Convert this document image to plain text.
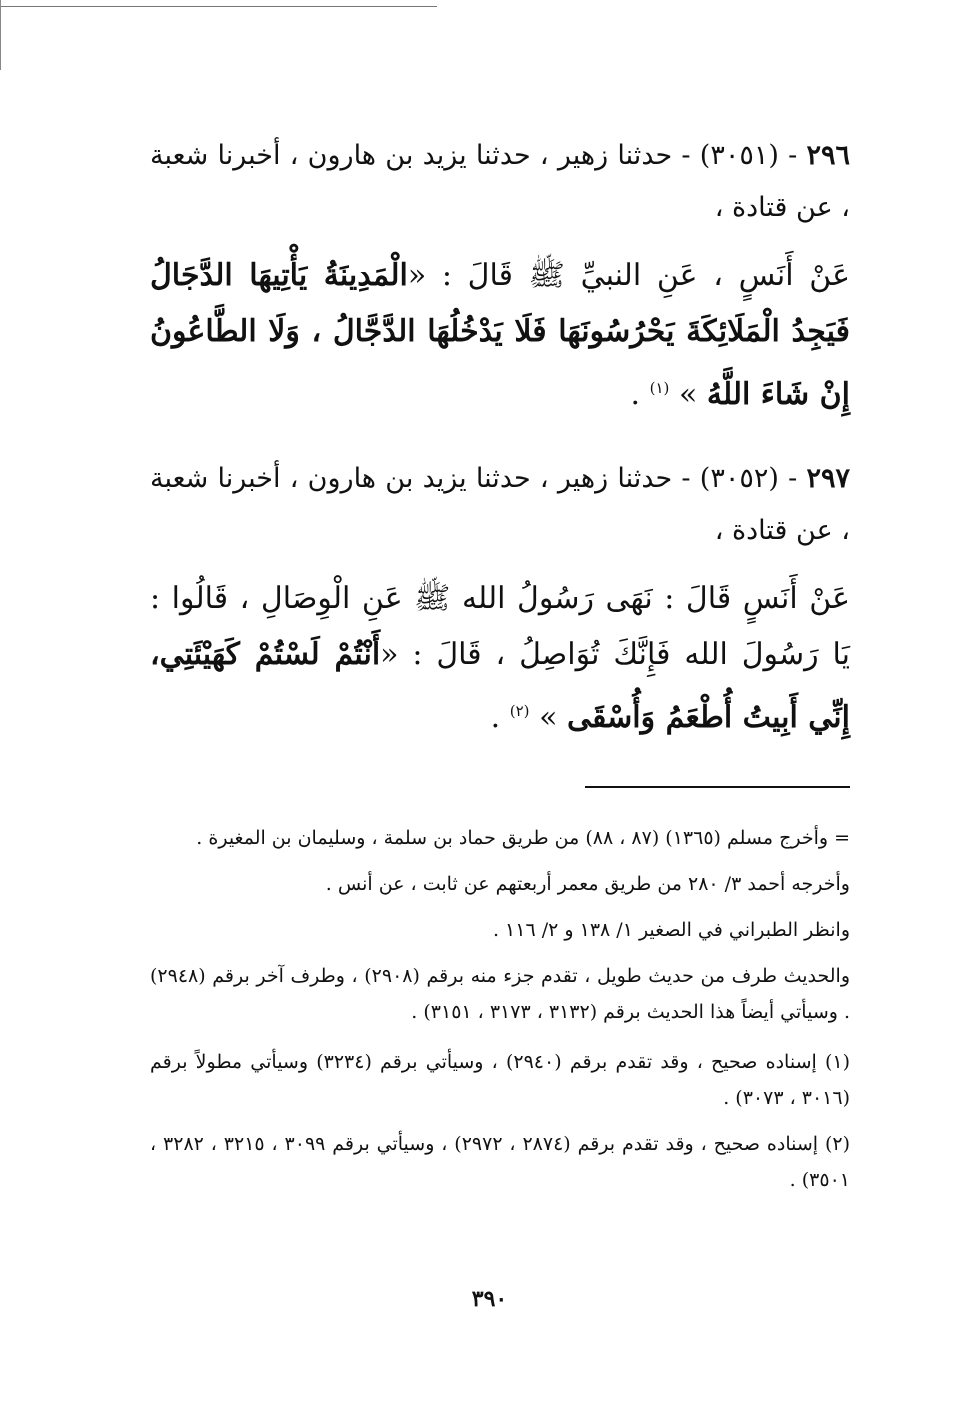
٢٩٦ - (٣٠٥١) - حدثنا زهير ، حدثنا يزيد بن هارون ، أخبرنا شعبة ، عن قتادة ،

عَنْ أَنَسٍ ، عَنِ النبيِّ ﷺ قَالَ : «الْمَدِينَةُ يَأْتِيهَا الدَّجَالُ فَيَجِدُ الْمَلَائِكَةَ يَحْرُسُونَهَا فَلَا يَدْخُلُهَا الدَّجَّالُ ، وَلَا الطَّاعُونُ إِنْ شَاءَ اللَّهُ » $^{(١)}$ .

٢٩٧ - (٣٠٥٢) - حدثنا زهير ، حدثنا يزيد بن هارون ، أخبرنا شعبة ، عن قتادة ،

عَنْ أَنَسٍ قَالَ : نَهَى رَسُولُ الله ﷺ عَنِ الْوِصَالِ ، قَالُوا : يَا رَسُولَ الله فَإِنَّكَ تُوَاصِلُ ، قَالَ : «أَنْتُمْ لَسْتُمْ كَهَيْئَتِي، إِنِّي أَبِيتُ أُطْعَمُ وَأُسْقَى » $^{(٢)}$ .

= وأخرج مسلم (١٣٦٥) (٨٧ ، ٨٨) من طريق حماد بن سلمة ، وسليمان بن المغيرة .

وأخرجه أحمد ٣/ ٢٨٠ من طريق معمر أربعتهم عن ثابت ، عن أنس .

وانظر الطبراني في الصغير ١/ ١٣٨ و ٢/ ١١٦ .

والحديث طرف من حديث طويل ، تقدم جزء منه برقم (٢٩٠٨) ، وطرف آخر برقم (٢٩٤٨) . وسيأتي أيضاً هذا الحديث برقم (٣١٣٢ ، ٣١٧٣ ، ٣١٥١) .

(١) إسناده صحيح ، وقد تقدم برقم (٢٩٤٠) ، وسيأتي برقم (٣٢٣٤) وسيأتي مطولاً برقم (٣٠١٦ ، ٣٠٧٣) .

(٢) إسناده صحيح ، وقد تقدم برقم (٢٨٧٤ ، ٢٩٧٢) ، وسيأتي برقم ٣٠٩٩ ، ٣٢١٥ ، ٣٢٨٢ ، ٣٥٠١) .

٣٩٠
